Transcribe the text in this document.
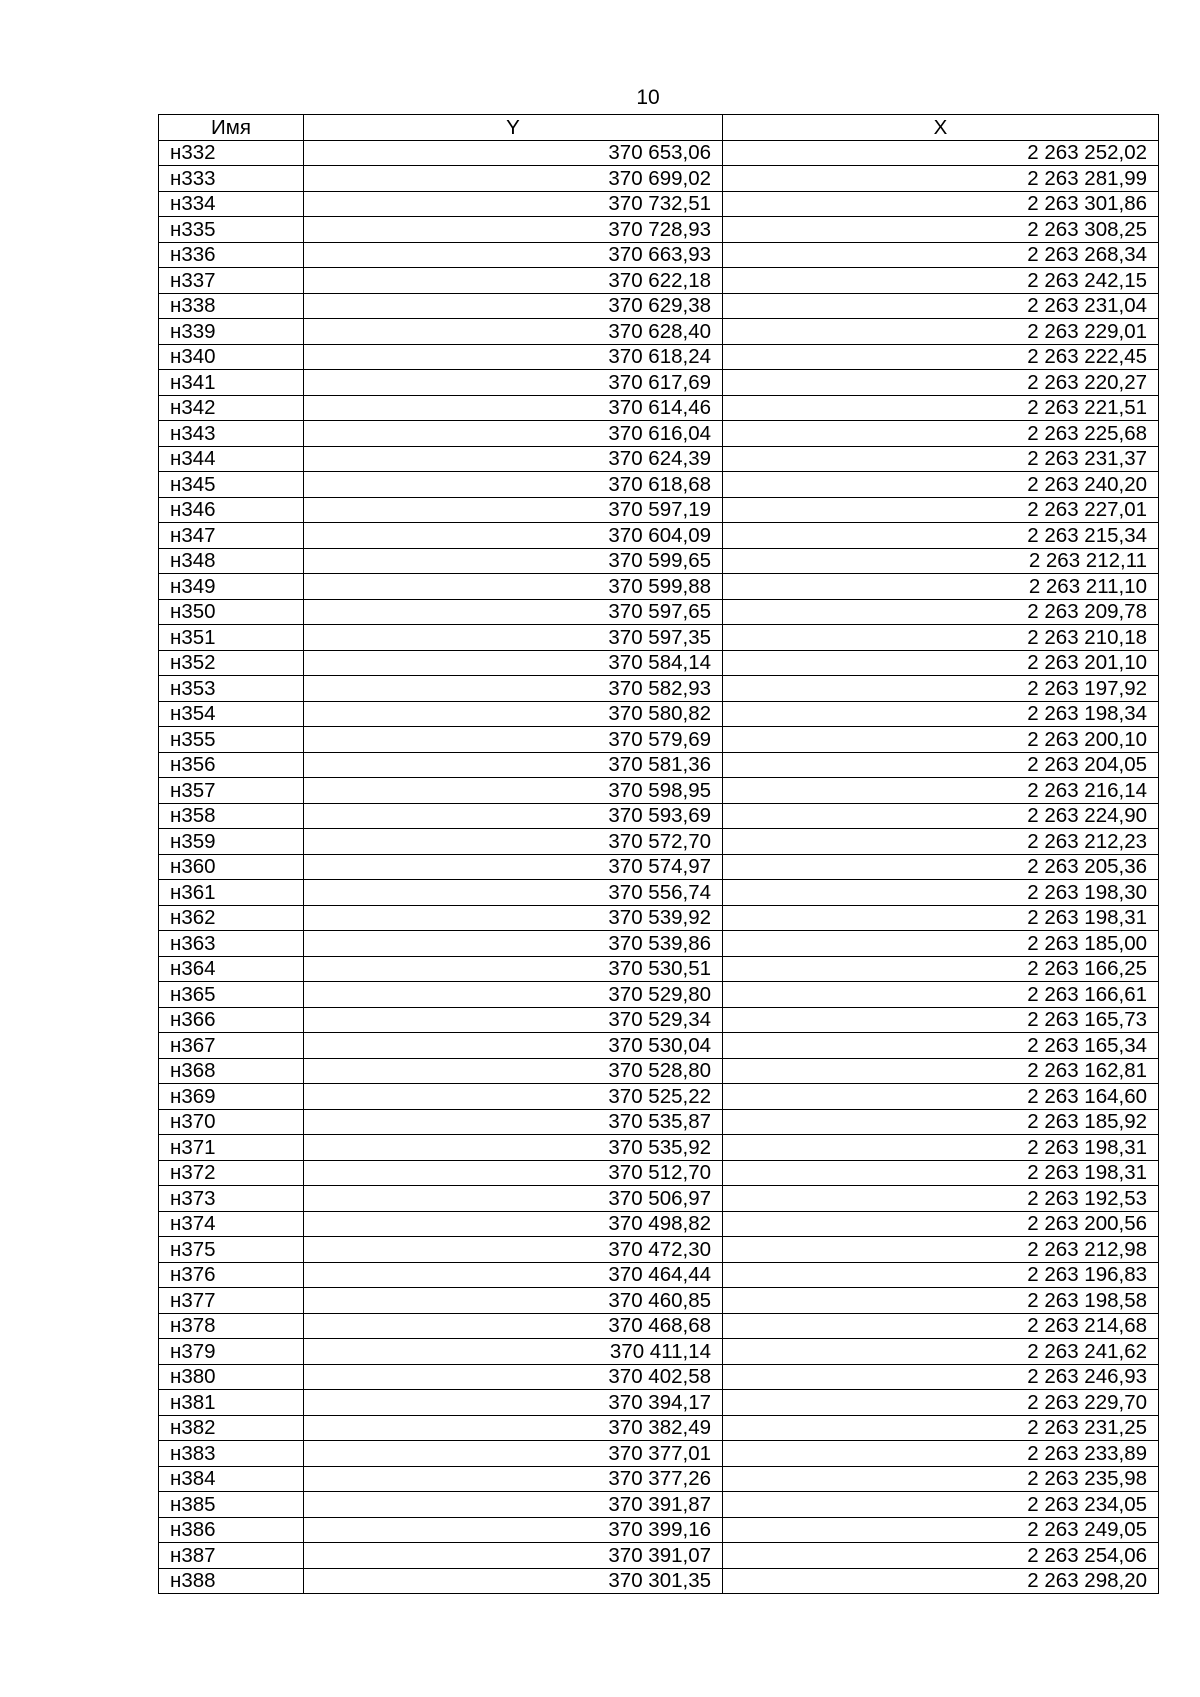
10
Имя	Y	X
н332	370 653,06	2 263 252,02
н333	370 699,02	2 263 281,99
н334	370 732,51	2 263 301,86
н335	370 728,93	2 263 308,25
н336	370 663,93	2 263 268,34
н337	370 622,18	2 263 242,15
н338	370 629,38	2 263 231,04
н339	370 628,40	2 263 229,01
н340	370 618,24	2 263 222,45
н341	370 617,69	2 263 220,27
н342	370 614,46	2 263 221,51
н343	370 616,04	2 263 225,68
н344	370 624,39	2 263 231,37
н345	370 618,68	2 263 240,20
н346	370 597,19	2 263 227,01
н347	370 604,09	2 263 215,34
н348	370 599,65	2 263 212,11
н349	370 599,88	2 263 211,10
н350	370 597,65	2 263 209,78
н351	370 597,35	2 263 210,18
н352	370 584,14	2 263 201,10
н353	370 582,93	2 263 197,92
н354	370 580,82	2 263 198,34
н355	370 579,69	2 263 200,10
н356	370 581,36	2 263 204,05
н357	370 598,95	2 263 216,14
н358	370 593,69	2 263 224,90
н359	370 572,70	2 263 212,23
н360	370 574,97	2 263 205,36
н361	370 556,74	2 263 198,30
н362	370 539,92	2 263 198,31
н363	370 539,86	2 263 185,00
н364	370 530,51	2 263 166,25
н365	370 529,80	2 263 166,61
н366	370 529,34	2 263 165,73
н367	370 530,04	2 263 165,34
н368	370 528,80	2 263 162,81
н369	370 525,22	2 263 164,60
н370	370 535,87	2 263 185,92
н371	370 535,92	2 263 198,31
н372	370 512,70	2 263 198,31
н373	370 506,97	2 263 192,53
н374	370 498,82	2 263 200,56
н375	370 472,30	2 263 212,98
н376	370 464,44	2 263 196,83
н377	370 460,85	2 263 198,58
н378	370 468,68	2 263 214,68
н379	370 411,14	2 263 241,62
н380	370 402,58	2 263 246,93
н381	370 394,17	2 263 229,70
н382	370 382,49	2 263 231,25
н383	370 377,01	2 263 233,89
н384	370 377,26	2 263 235,98
н385	370 391,87	2 263 234,05
н386	370 399,16	2 263 249,05
н387	370 391,07	2 263 254,06
н388	370 301,35	2 263 298,20
